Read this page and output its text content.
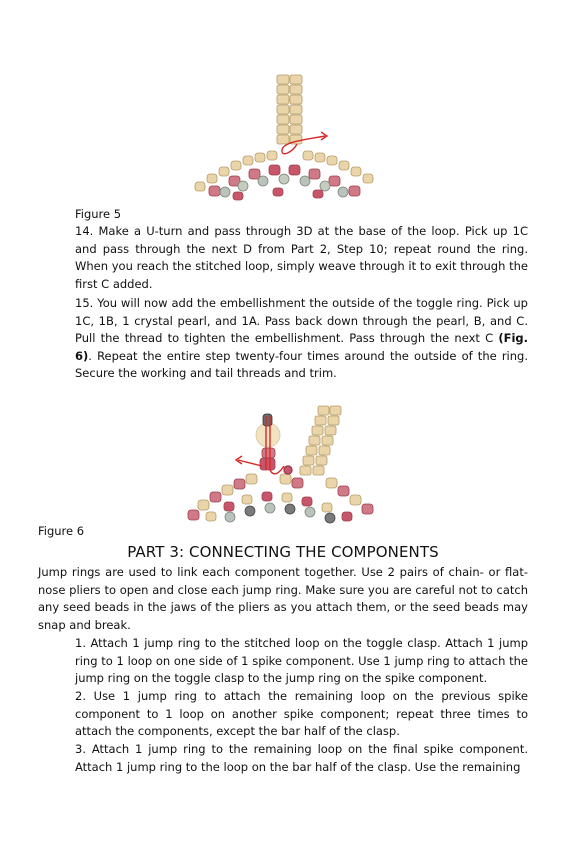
Figure 5

14. Make a U-turn and pass through 3D at the base of the loop. Pick up 1C and pass through the next D from Part 2, Step 10; repeat round the ring. When you reach the stitched loop, simply weave through it to exit through the first C added.

15. You will now add the embellishment the outside of the toggle ring. Pick up 1C, 1B, 1 crystal pearl, and 1A. Pass back down through the pearl, B, and C. Pull the thread to tighten the embellishment. Pass through the next C (Fig. 6). Repeat the entire step twenty-four times around the outside of the ring. Secure the working and tail threads and trim.

Figure 6
PART 3: CONNECTING THE COMPONENTS

Jump rings are used to link each component together. Use 2 pairs of chain- or flat-nose pliers to open and close each jump ring. Make sure you are careful not to catch any seed beads in the jaws of the pliers as you attach them, or the seed beads may snap and break.

1. Attach 1 jump ring to the stitched loop on the toggle clasp. Attach 1 jump ring to 1 loop on one side of 1 spike component. Use 1 jump ring to attach the jump ring on the toggle clasp to the jump ring on the spike component.

2. Use 1 jump ring to attach the remaining loop on the previous spike component to 1 loop on another spike component; repeat three times to attach the components, except the bar half of the clasp.

3. Attach 1 jump ring to the remaining loop on the final spike component. Attach 1 jump ring to the loop on the bar half of the clasp. Use the remaining
